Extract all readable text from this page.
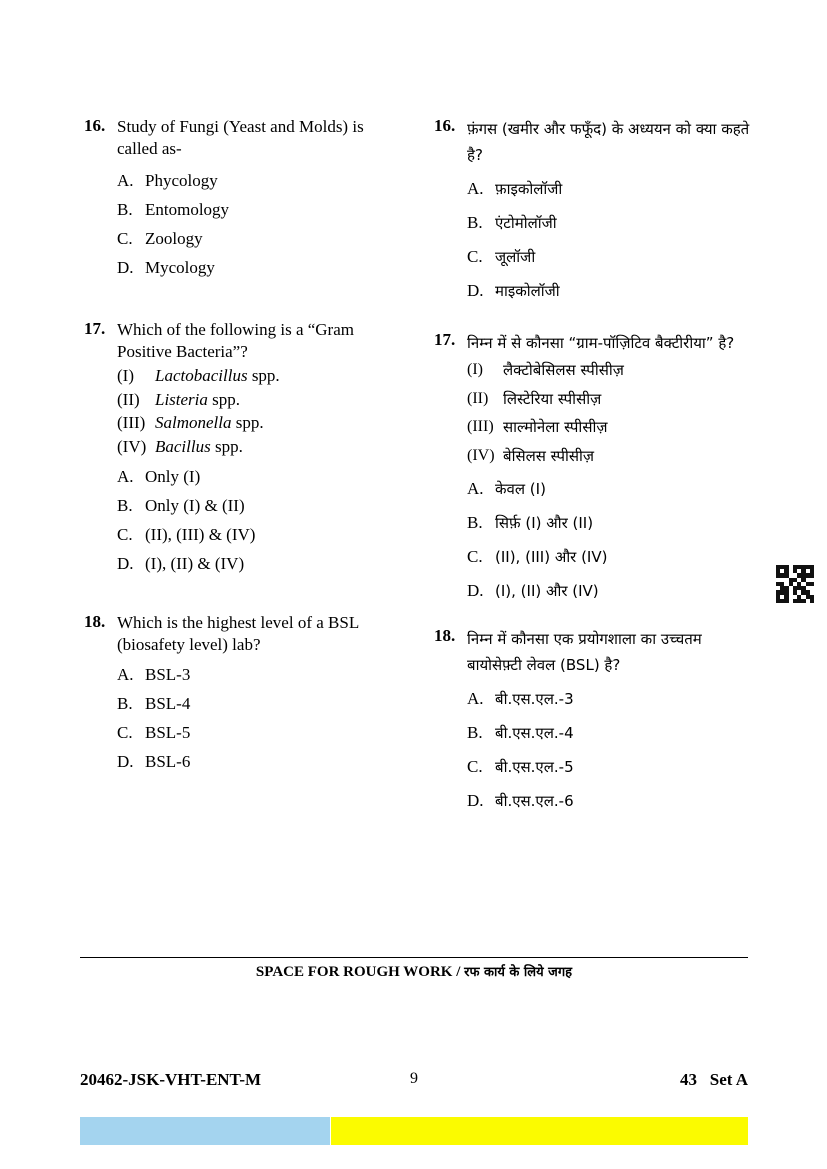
16. Study of Fungi (Yeast and Molds) is called as-
A. Phycology
B. Entomology
C. Zoology
D. Mycology
17. Which of the following is a “Gram Positive Bacteria”?
(I)	Lactobacillus spp.
(II) Listeria spp.
(III) Salmonella spp.
(IV) Bacillus spp.
A. Only (I)
B. Only (I) & (II)
C. (II), (III) & (IV)
D. (I), (II) & (IV)
18. Which is the highest level of a BSL (biosafety level) lab?
A. BSL-3
B. BSL-4
C. BSL-5
D. BSL-6
16. फ़ंगस (खमीर और फफूँद) के अध्ययन को क्या कहते है?
A. फ़ाइकोलॉजी
B. एंटोमोलॉजी
C. जूलॉजी
D. माइकोलॉजी
17. निम्न में से कौनसा “ग्राम-पॉज़िटिव बैक्टीरीया” है?
(I)	लैक्टोबेसिलस स्पीसीज़
(II) लिस्टेरिया स्पीसीज़
(III) साल्मोनेला स्पीसीज़
(IV) बेसिलस स्पीसीज़
A. केवल (I)
B. सिर्फ़ (I) और (II)
C. (II), (III) और (IV)
D. (I), (II) और (IV)
18. निम्न में कौनसा एक प्रयोगशाला का उच्चतम बायोसेफ़्टी लेवल (BSL) है?
A. बी.एस.एल.-3
B. बी.एस.एल.-4
C. बी.एस.एल.-5
D. बी.एस.एल.-6
SPACE FOR ROUGH WORK / रफ कार्य के लिये जगह
20462-JSK-VHT-ENT-M	9	43   Set A
